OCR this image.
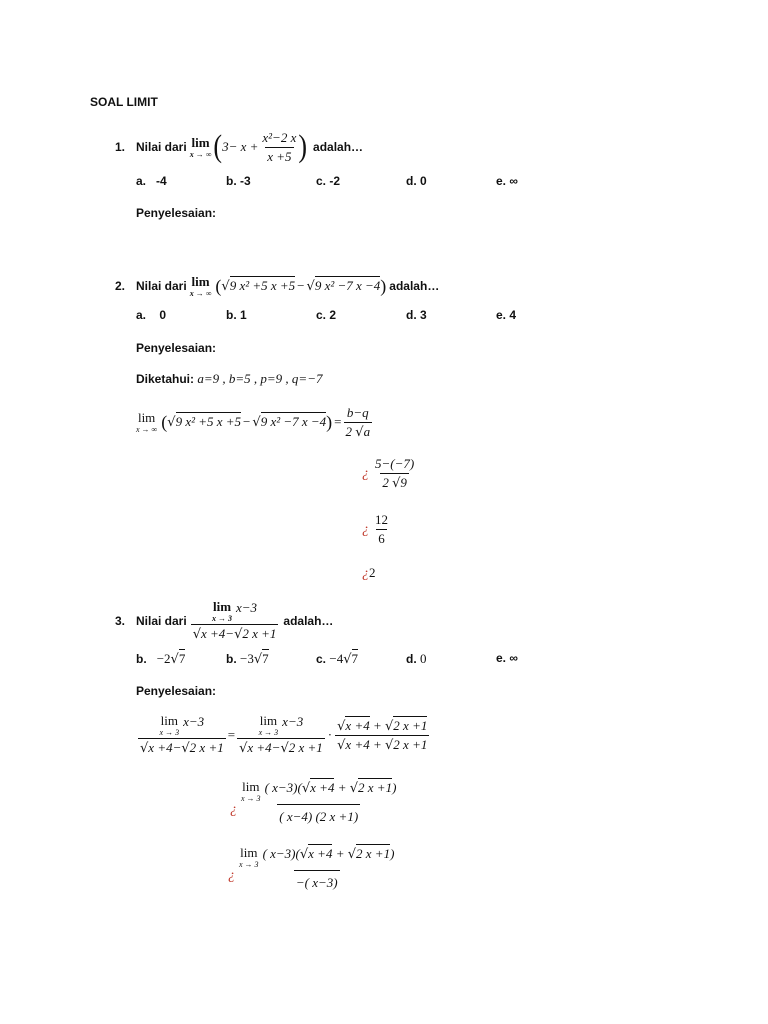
SOAL LIMIT
1. Nilai dari lim
x → ∞ ( $3- x + \frac{\text{x²−2 x}}{x +5}$ ) adalah…
a. -4	b. -3	c. -2	d. 0	e. ∞
Penyelesaian:
2. Nilai dari lim
x → ∞ ( √9 x² +5 x +5 − √9 x² −7 x −4 ) adalah…
a. 0	b. 1	c. 2	d. 3	e. 4
Penyelesaian:
Diketahui: a=9 , b=5 , p=9 , q=−7
lim
x → ∞ ( √9 x² +5 x +5 − √9 x² −7 x −4 ) = $\frac{b-q}{2 √a}$
¿ $\frac{5-(-7)}{2 √9}$
¿ $\frac{12}{6}$
¿2
3. Nilai dari lim
x → 3
x−3
√x +4−√2 x +1 adalah…
b. −2√7	b. −3√7	c. −4√7	d. 0	e. ∞
Penyelesaian:
lim
x → 3
x−3
√x +4−√2 x +1 = lim
x → 3
x−3
√x +4−√2 $x +1 \cdot \frac{√x +4 + √2 x +1}{√x +4 + √2 x +1}$
¿ lim
x → 3
( x−3) (√x +4 + √2 x +1)
( x−4) (2 x +1)
¿ lim
x → 3
( x−3) (√x +4 + √2 x +1)
−( x−3)
